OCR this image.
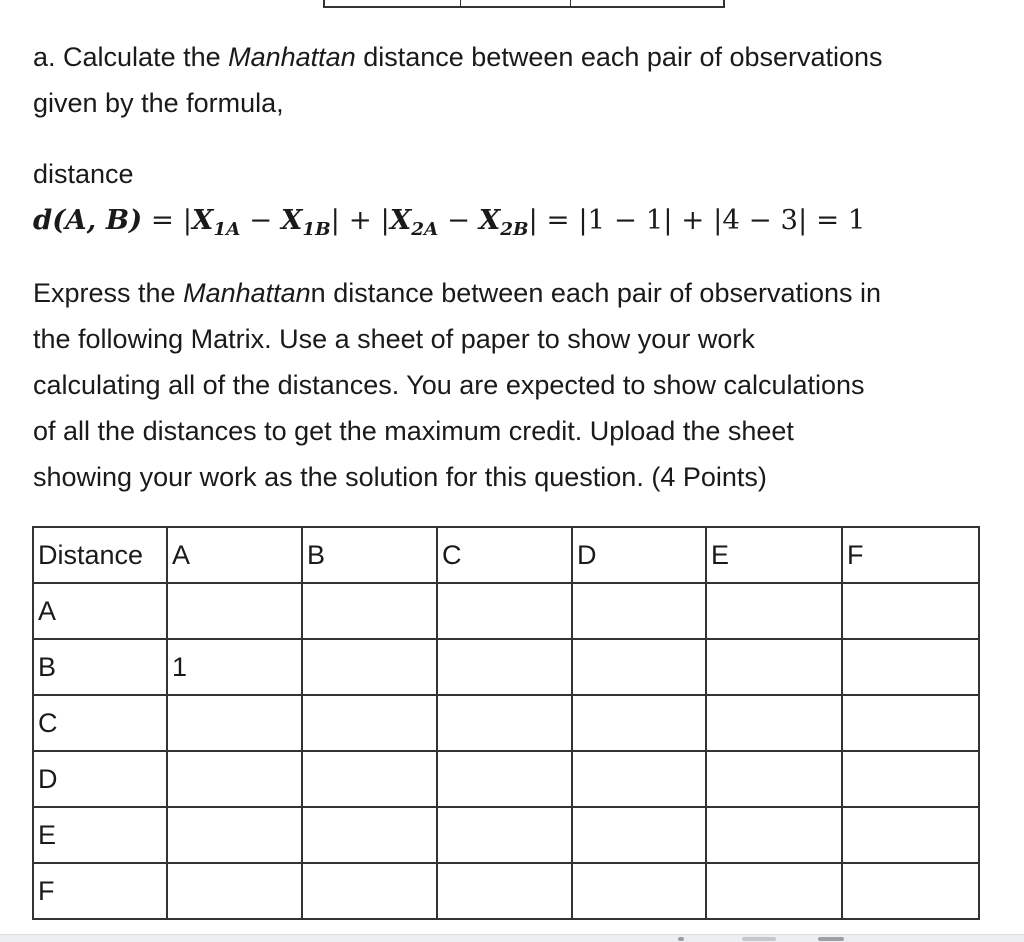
a. Calculate the Manhattan distance between each pair of observations
given by the formula,

distance

d(A, $B) = |X_{1A} - X_{1B}| + |X_{2A} - X_{2B}| = |1 - 1| + |4 - 3| = 1$

Express the Manhattann distance between each pair of observations in
the following Matrix. Use a sheet of paper to show your work
calculating all of the distances. You are expected to show calculations
of all the distances to get the maximum credit. Upload the sheet
showing your work as the solution for this question. (4 Points)

Distance	A	B	C	D	E	F
A						
B	1					
C						
D						
E						
F						
